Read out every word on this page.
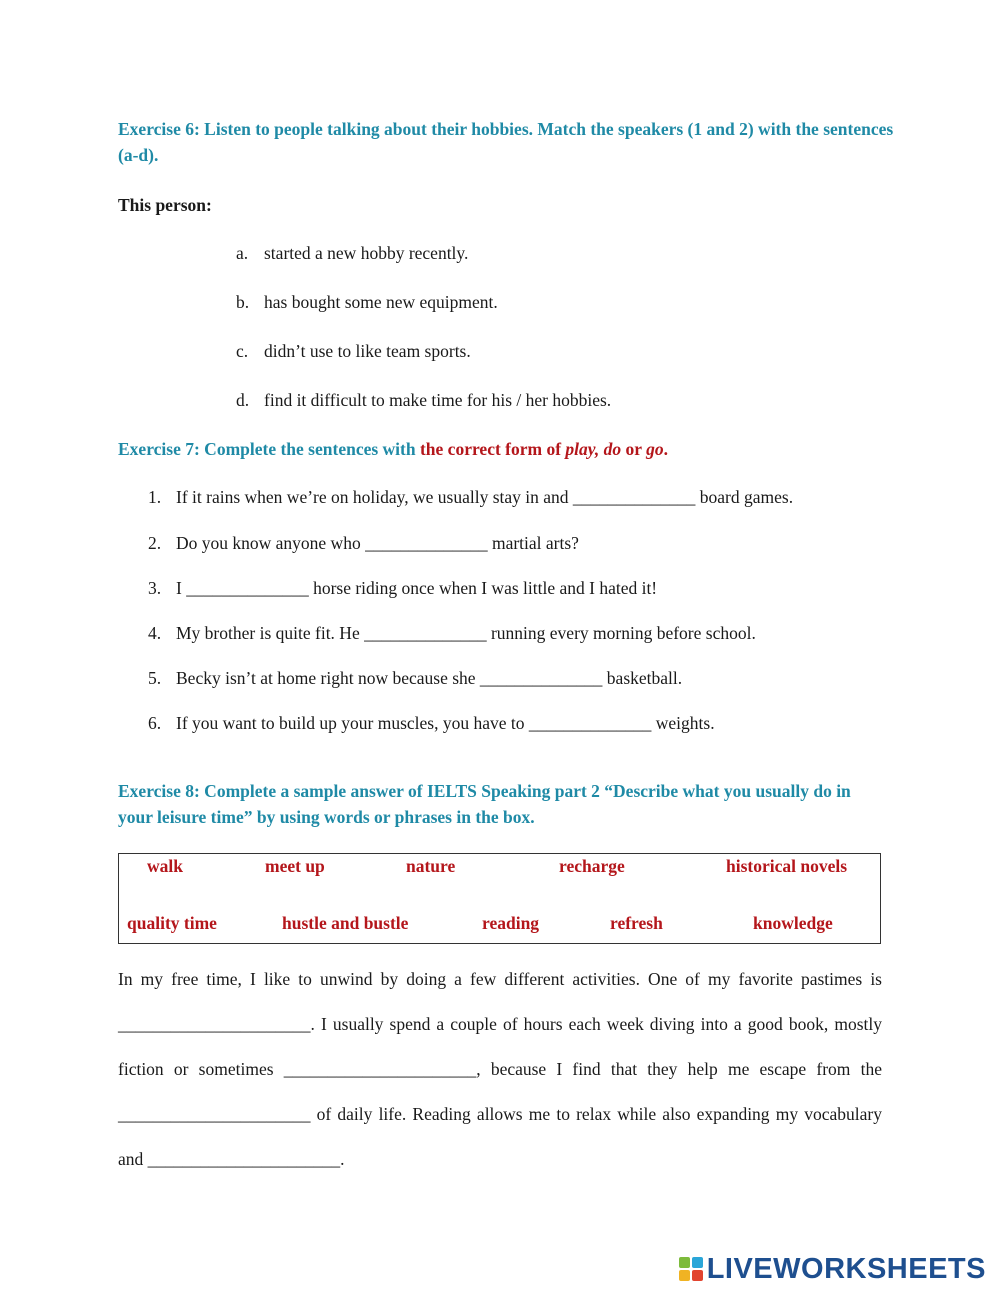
Exercise 6: Listen to people talking about their hobbies. Match the speakers (1 and 2) with the sentences (a-d).
This person:
a. started a new hobby recently.
b. has bought some new equipment.
c. didn’t use to like team sports.
d. find it difficult to make time for his / her hobbies.
Exercise 7: Complete the sentences with the correct form of play, do or go.
1. If it rains when we’re on holiday, we usually stay in and ______________ board games.
2. Do you know anyone who ______________ martial arts?
3. I ______________ horse riding once when I was little and I hated it!
4. My brother is quite fit. He ______________ running every morning before school.
5. Becky isn’t at home right now because she ______________ basketball.
6. If you want to build up your muscles, you have to ______________ weights.
Exercise 8: Complete a sample answer of IELTS Speaking part 2 “Describe what you usually do in your leisure time” by using words or phrases in the box.
walk	meet up	nature	recharge	historical novels
quality time	hustle and bustle	reading	refresh	knowledge
In my free time, I like to unwind by doing a few different activities. One of my favorite pastimes is ______________________. I usually spend a couple of hours each week diving into a good book, mostly fiction or sometimes ______________________, because I find that they help me escape from the ______________________ of daily life. Reading allows me to relax while also expanding my vocabulary and ______________________.
LIVEWORKSHEETS
